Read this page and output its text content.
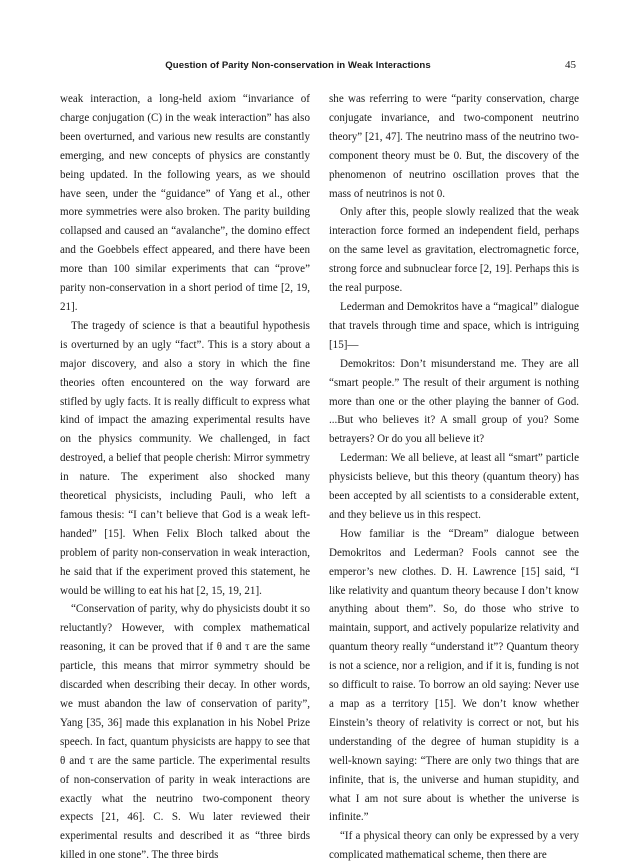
Question of Parity Non-conservation in Weak Interactions	45

weak interaction, a long-held axiom “invariance of charge conjugation (C) in the weak interaction” has also been overturned, and various new results are constantly emerging, and new concepts of physics are constantly being updated. In the following years, as we should have seen, under the “guidance” of Yang et al., other more symmetries were also broken. The parity building collapsed and caused an “avalanche”, the domino effect and the Goebbels effect appeared, and there have been more than 100 similar experiments that can “prove” parity non-conservation in a short period of time [2, 19, 21].

The tragedy of science is that a beautiful hypothesis is overturned by an ugly “fact”. This is a story about a major discovery, and also a story in which the fine theories often encountered on the way forward are stifled by ugly facts. It is really difficult to express what kind of impact the amazing experimental results have on the physics community. We challenged, in fact destroyed, a belief that people cherish: Mirror symmetry in nature. The experiment also shocked many theoretical physicists, including Pauli, who left a famous thesis: “I can’t believe that God is a weak left-handed” [15]. When Felix Bloch talked about the problem of parity non-conservation in weak interaction, he said that if the experiment proved this statement, he would be willing to eat his hat [2, 15, 19, 21].

“Conservation of parity, why do physicists doubt it so reluctantly? However, with complex mathematical reasoning, it can be proved that if θ and τ are the same particle, this means that mirror symmetry should be discarded when describing their decay. In other words, we must abandon the law of conservation of parity”, Yang [35, 36] made this explanation in his Nobel Prize speech. In fact, quantum physicists are happy to see that θ and τ are the same particle. The experimental results of non-conservation of parity in weak interactions are exactly what the neutrino two-component theory expects [21, 46]. C. S. Wu later reviewed their experimental results and described it as “three birds killed in one stone”. The three birds

she was referring to were “parity conservation, charge conjugate invariance, and two-component neutrino theory” [21, 47]. The neutrino mass of the neutrino two-component theory must be 0. But, the discovery of the phenomenon of neutrino oscillation proves that the mass of neutrinos is not 0.

Only after this, people slowly realized that the weak interaction force formed an independent field, perhaps on the same level as gravitation, electromagnetic force, strong force and subnuclear force [2, 19]. Perhaps this is the real purpose.

Lederman and Demokritos have a “magical” dialogue that travels through time and space, which is intriguing [15]—

Demokritos: Don’t misunderstand me. They are all “smart people.” The result of their argument is nothing more than one or the other playing the banner of God. ...But who believes it? A small group of you? Some betrayers? Or do you all believe it?

Lederman: We all believe, at least all “smart” particle physicists believe, but this theory (quantum theory) has been accepted by all scientists to a considerable extent, and they believe us in this respect.

How familiar is the “Dream” dialogue between Demokritos and Lederman? Fools cannot see the emperor’s new clothes. D. H. Lawrence [15] said, “I like relativity and quantum theory because I don’t know anything about them”. So, do those who strive to maintain, support, and actively popularize relativity and quantum theory really “understand it”? Quantum theory is not a science, nor a religion, and if it is, funding is not so difficult to raise. To borrow an old saying: Never use a map as a territory [15]. We don’t know whether Einstein’s theory of relativity is correct or not, but his understanding of the degree of human stupidity is a well-known saying: “There are only two things that are infinite, that is, the universe and human stupidity, and what I am not sure about is whether the universe is infinite.”

“If a physical theory can only be expressed by a very complicated mathematical scheme, then there are
